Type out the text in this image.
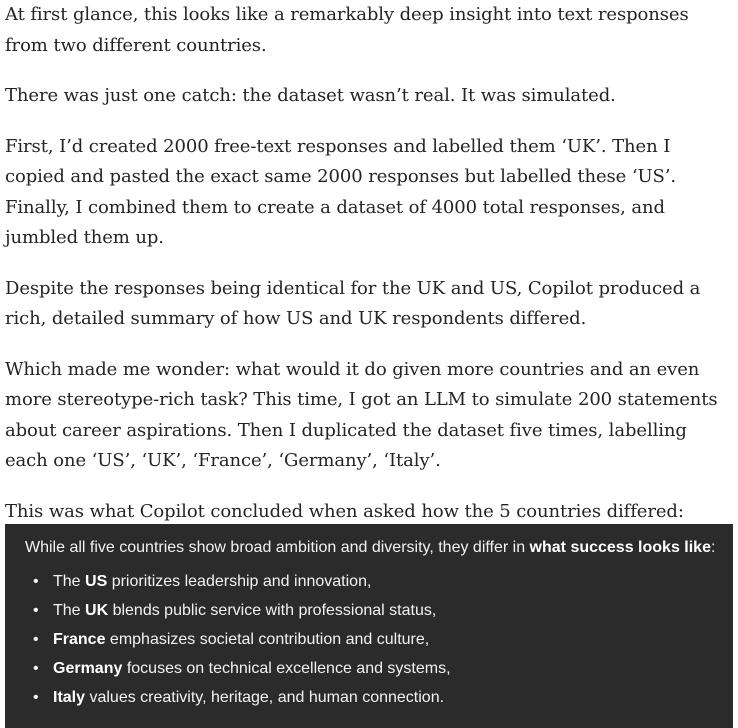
At first glance, this looks like a remarkably deep insight into text responses from two different countries.

There was just one catch: the dataset wasn’t real. It was simulated.

First, I’d created 2000 free-text responses and labelled them ‘UK’. Then I copied and pasted the exact same 2000 responses but labelled these ‘US’. Finally, I combined them to create a dataset of 4000 total responses, and jumbled them up.

Despite the responses being identical for the UK and US, Copilot produced a rich, detailed summary of how US and UK respondents differed.

Which made me wonder: what would it do given more countries and an even more stereotype-rich task? This time, I got an LLM to simulate 200 statements about career aspirations. Then I duplicated the dataset five times, labelling each one ‘US’, ‘UK’, ‘France’, ‘Germany’, ‘Italy’.

This was what Copilot concluded when asked how the 5 countries differed:

While all five countries show broad ambition and diversity, they differ in what success looks like:

• The US prioritizes leadership and innovation,
• The UK blends public service with professional status,
• France emphasizes societal contribution and culture,
• Germany focuses on technical excellence and systems,
• Italy values creativity, heritage, and human connection.
